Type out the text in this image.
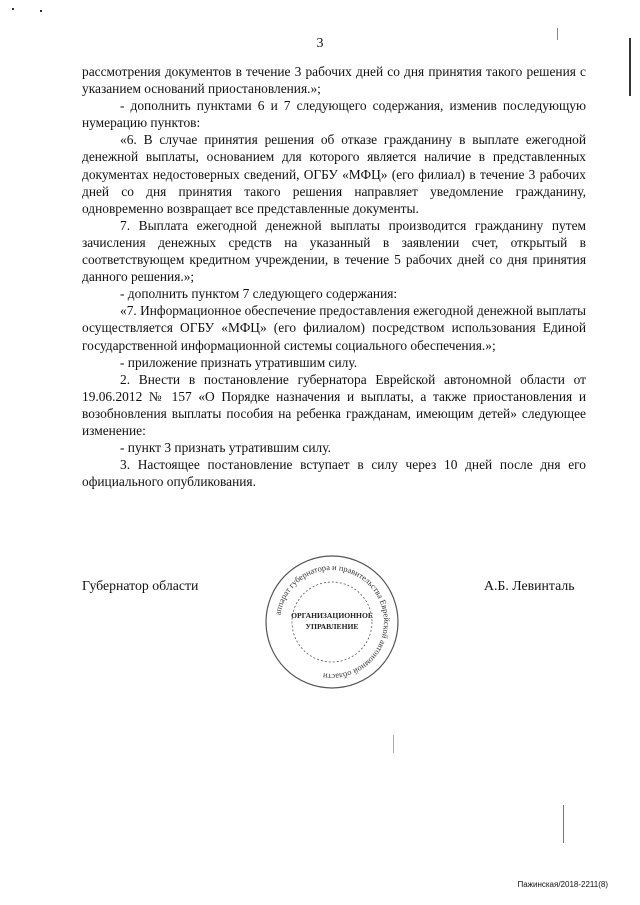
3

рассмотрения документов в течение 3 рабочих дней со дня принятия такого решения с указанием оснований приостановления.»;

- дополнить пунктами 6 и 7 следующего содержания, изменив последующую нумерацию пунктов:

«6. В случае принятия решения об отказе гражданину в выплате ежегодной денежной выплаты, основанием для которого является наличие в представленных документах недостоверных сведений, ОГБУ «МФЦ» (его филиал) в течение 3 рабочих дней со дня принятия такого решения направляет уведомление гражданину, одновременно возвращает все представленные документы.

7. Выплата ежегодной денежной выплаты производится гражданину путем зачисления денежных средств на указанный в заявлении счет, открытый в соответствующем кредитном учреждении, в течение 5 рабочих дней со дня принятия данного решения.»;

- дополнить пунктом 7 следующего содержания:

«7. Информационное обеспечение предоставления ежегодной денежной выплаты осуществляется ОГБУ «МФЦ» (его филиалом) посредством использования Единой государственной информационной системы социального обеспечения.»;

- приложение признать утратившим силу.

2. Внести в постановление губернатора Еврейской автономной области от 19.06.2012 № 157 «О Порядке назначения и выплаты, а также приостановления и возобновления выплаты пособия на ребенка гражданам, имеющим детей» следующее изменение:

- пункт 3 признать утратившим силу.

3. Настоящее постановление вступает в силу через 10 дней после дня его официального опубликования.

Губернатор области	А.Б. Левинталь
аппарат губернатора и правительства Еврейской автономной области
ОРГАНИЗАЦИОННОЕ
УПРАВЛЕНИЕ
Пажинская/2018-2211(8)
